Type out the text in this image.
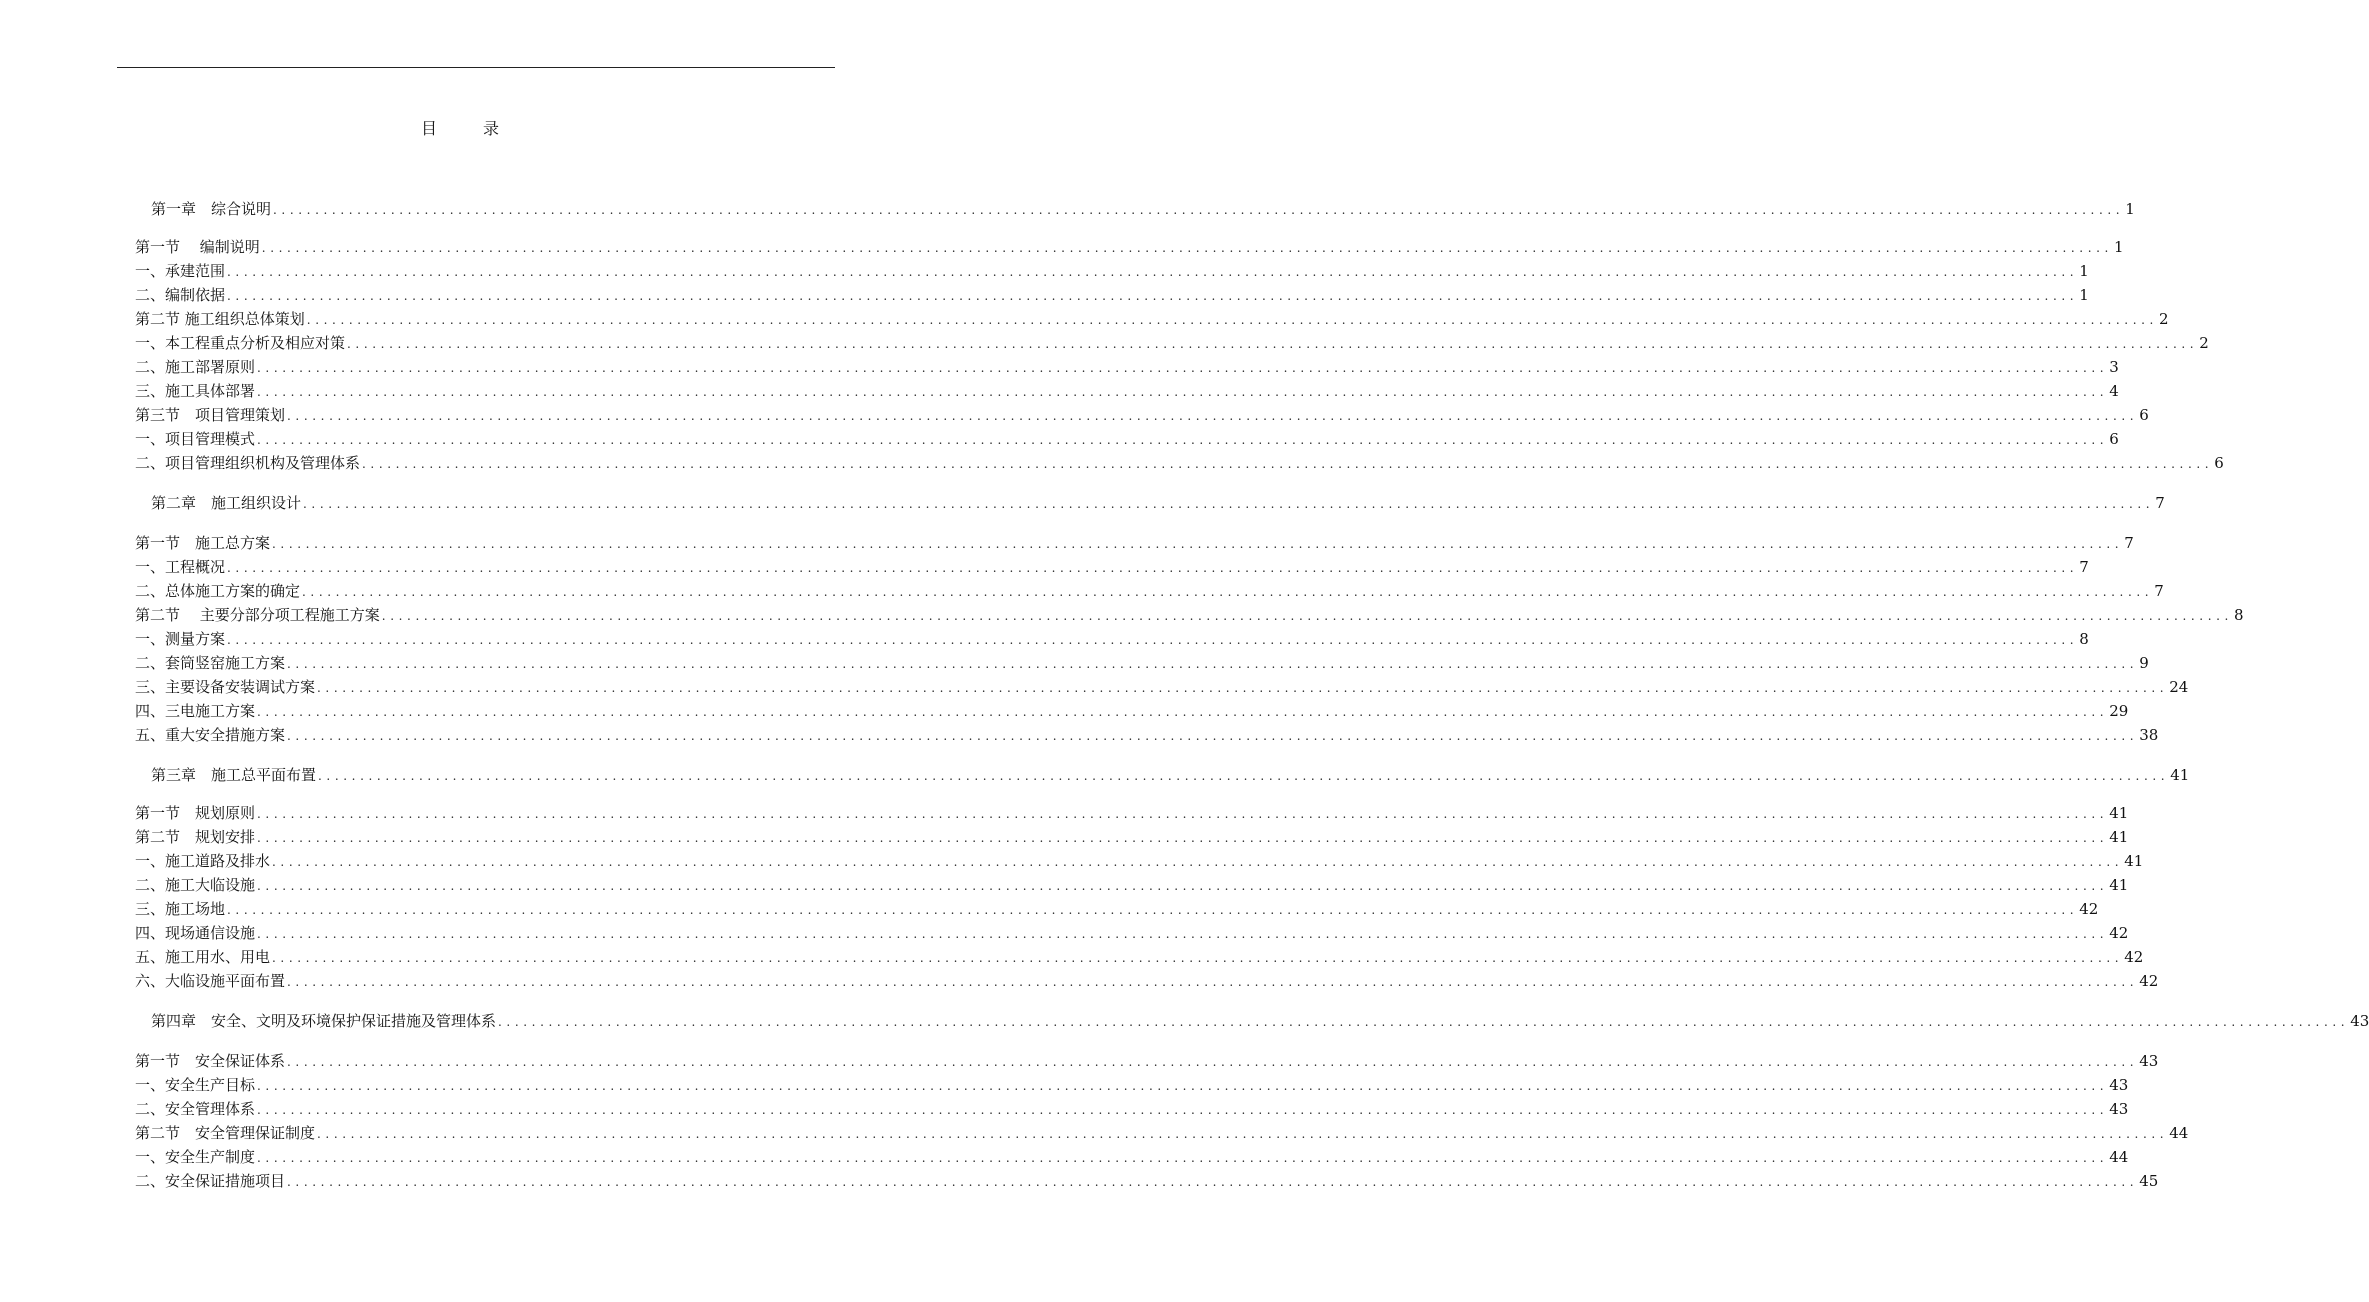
目	录
第一章　综合说明 ............................................................................................................................................................................................................................ 1
第一节　 编制说明 ............................................................................................................................................................................................................................ 1
一、承建范围 ............................................................................................................................................................................................................................ 1
二、编制依据 ............................................................................................................................................................................................................................ 1
第二节 施工组织总体策划 ............................................................................................................................................................................................................................ 2
一、本工程重点分析及相应对策 ............................................................................................................................................................................................................................ 2
二、施工部署原则 ............................................................................................................................................................................................................................ 3
三、施工具体部署 ............................................................................................................................................................................................................................ 4
第三节　项目管理策划 ............................................................................................................................................................................................................................ 6
一、项目管理模式 ............................................................................................................................................................................................................................ 6
二、项目管理组织机构及管理体系 ............................................................................................................................................................................................................................ 6
第二章　施工组织设计 ............................................................................................................................................................................................................................ 7
第一节　施工总方案 ............................................................................................................................................................................................................................ 7
一、工程概况 ............................................................................................................................................................................................................................ 7
二、总体施工方案的确定 ............................................................................................................................................................................................................................ 7
第二节　 主要分部分项工程施工方案 ............................................................................................................................................................................................................................ 8
一、测量方案 ............................................................................................................................................................................................................................ 8
二、套筒竖窑施工方案 ............................................................................................................................................................................................................................ 9
三、主要设备安装调试方案 ............................................................................................................................................................................................................................ 24
四、三电施工方案 ............................................................................................................................................................................................................................ 29
五、重大安全措施方案 ............................................................................................................................................................................................................................ 38
第三章　施工总平面布置 ............................................................................................................................................................................................................................ 41
第一节　规划原则 ............................................................................................................................................................................................................................ 41
第二节　规划安排 ............................................................................................................................................................................................................................ 41
一、施工道路及排水 ............................................................................................................................................................................................................................ 41
二、施工大临设施 ............................................................................................................................................................................................................................ 41
三、施工场地 ............................................................................................................................................................................................................................ 42
四、现场通信设施 ............................................................................................................................................................................................................................ 42
五、施工用水、用电 ............................................................................................................................................................................................................................ 42
六、大临设施平面布置 ............................................................................................................................................................................................................................ 42
第四章　安全、文明及环境保护保证措施及管理体系 ............................................................................................................................................................................................................................ 43
第一节　安全保证体系 ............................................................................................................................................................................................................................ 43
一、安全生产目标 ............................................................................................................................................................................................................................ 43
二、安全管理体系 ............................................................................................................................................................................................................................ 43
第二节　安全管理保证制度 ............................................................................................................................................................................................................................ 44
一、安全生产制度 ............................................................................................................................................................................................................................ 44
二、安全保证措施项目 ............................................................................................................................................................................................................................ 45
